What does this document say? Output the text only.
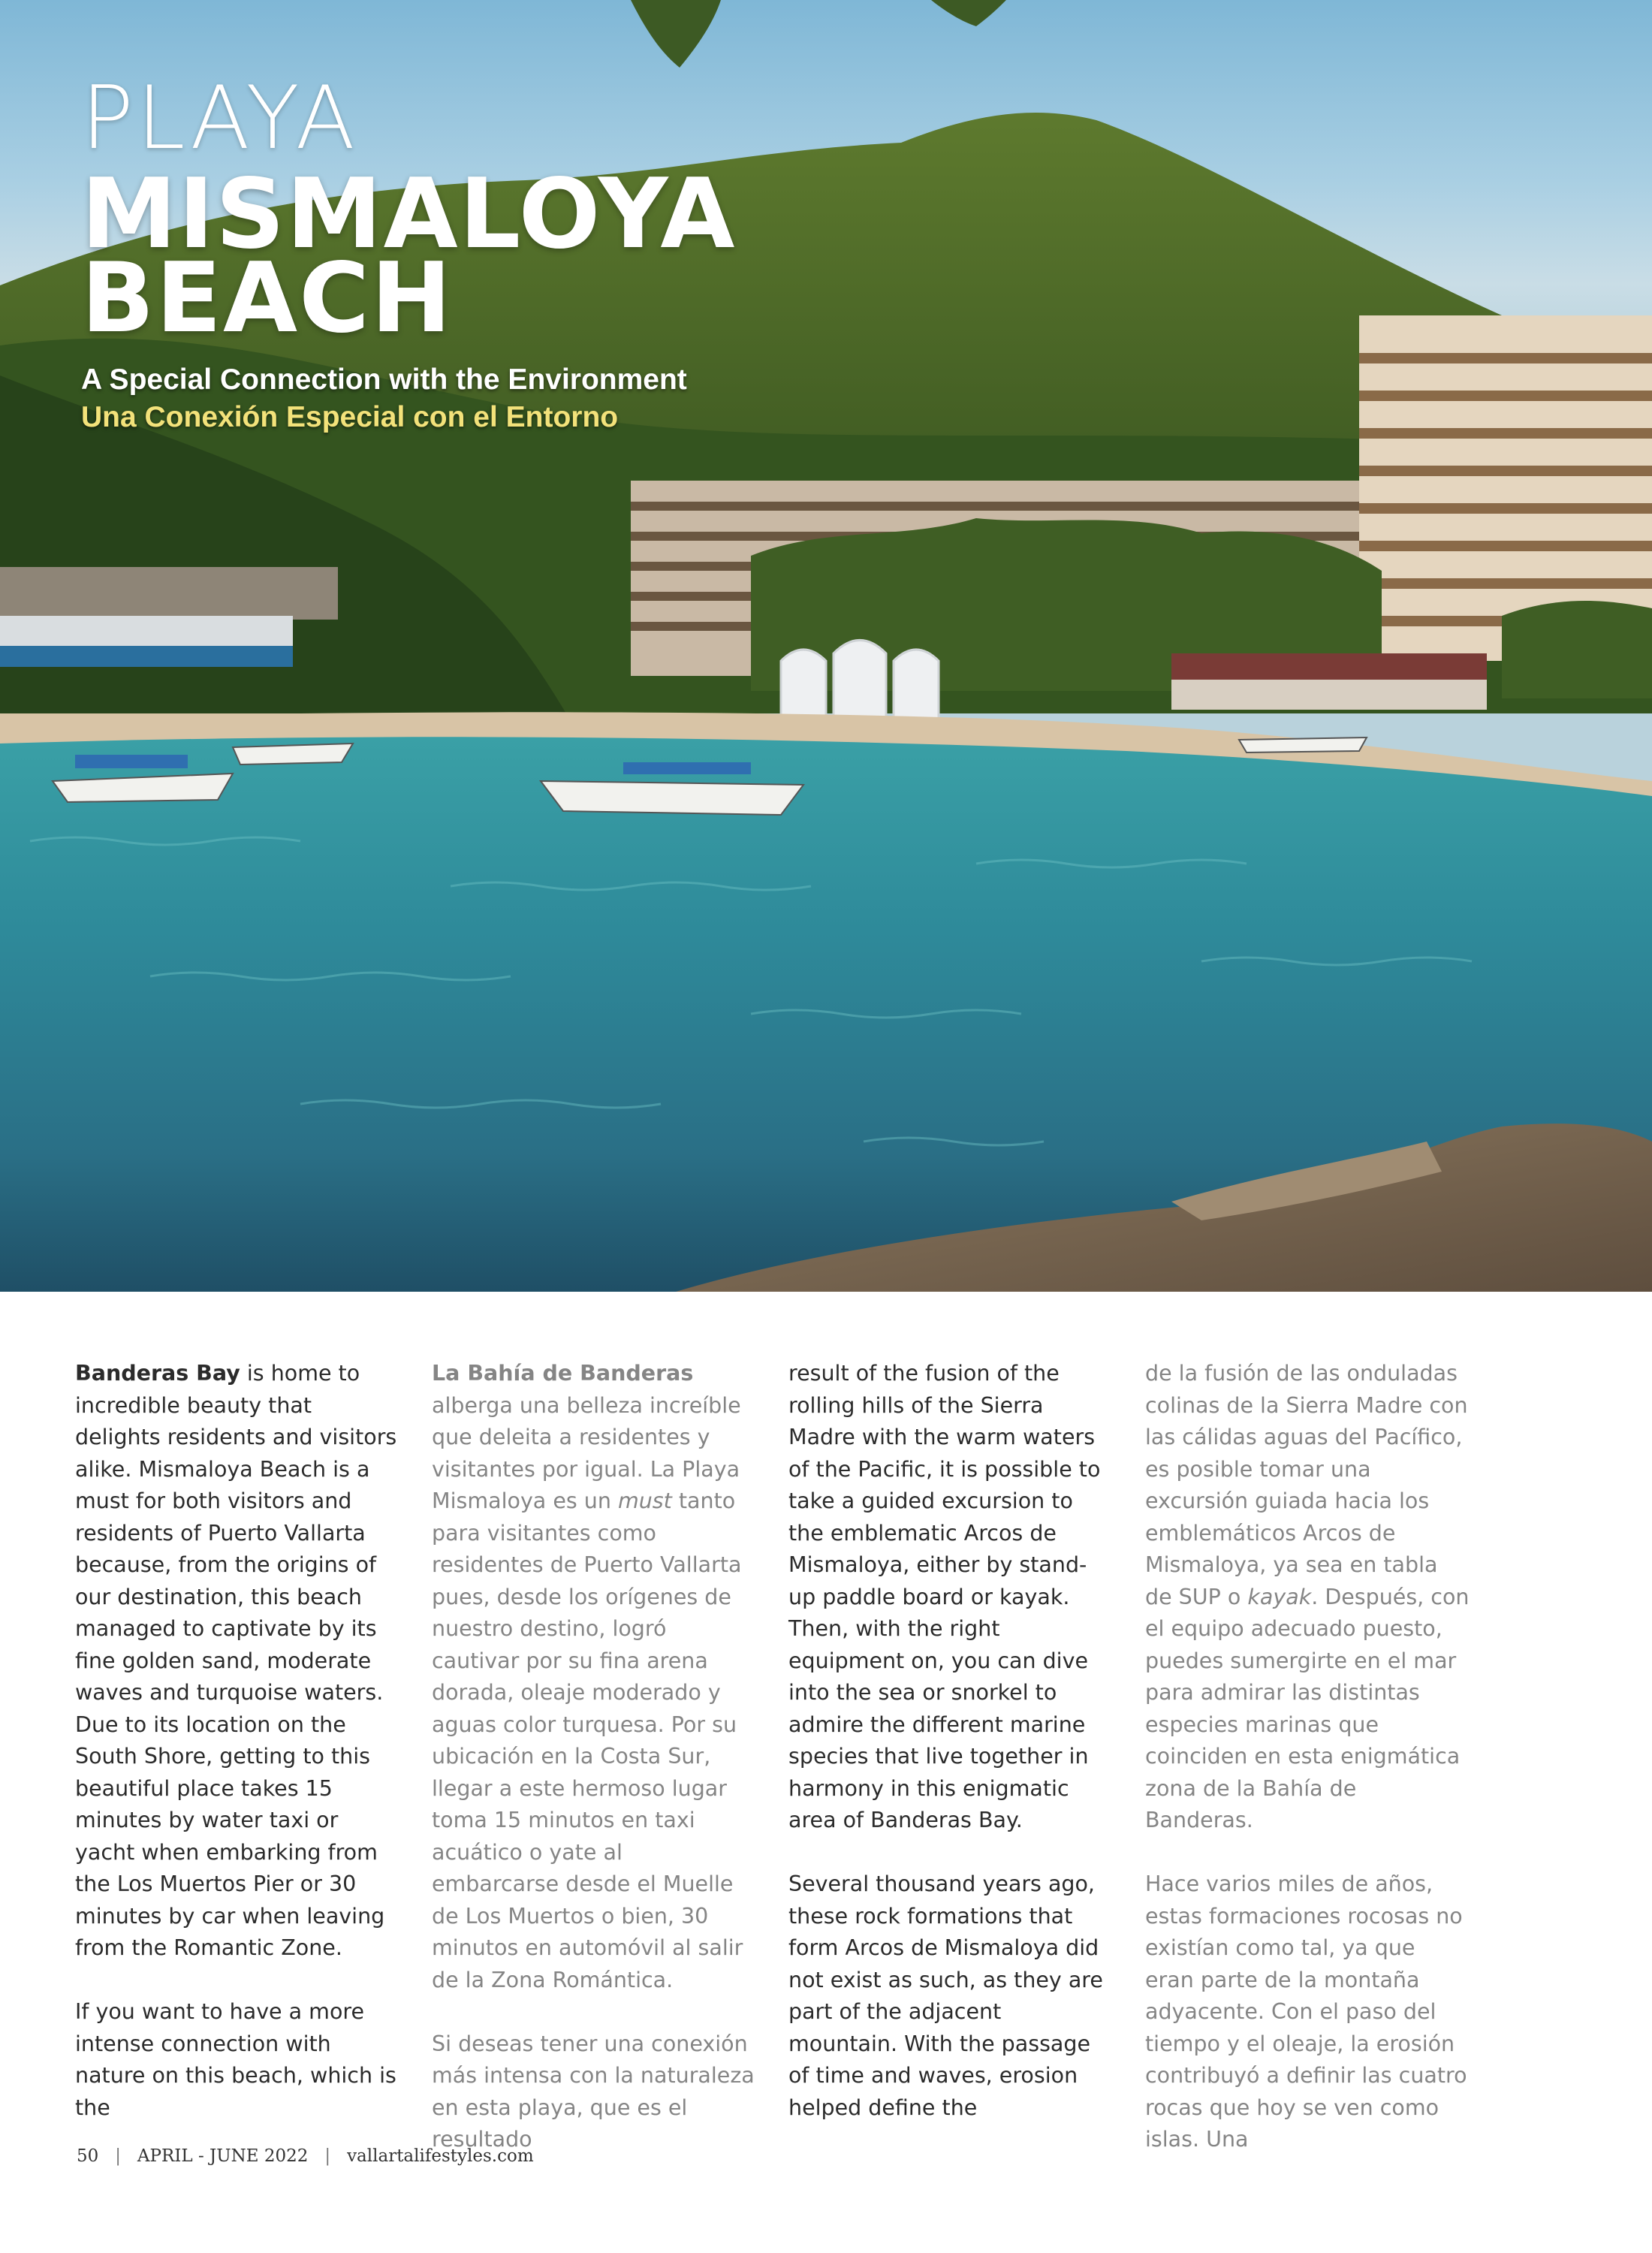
PLAYA
MISMALOYA
BEACH
A Special Connection with the Environment
Una Conexión Especial con el Entorno

Banderas Bay is home to incredible beauty that delights residents and visitors alike. Mismaloya Beach is a must for both visitors and residents of Puerto Vallarta because, from the origins of our destination, this beach managed to captivate by its fine golden sand, moderate waves and turquoise waters. Due to its location on the South Shore, getting to this beautiful place takes 15 minutes by water taxi or yacht when embarking from the Los Muertos Pier or 30 minutes by car when leaving from the Romantic Zone.

If you want to have a more intense connection with nature on this beach, which is the

La Bahía de Banderas alberga una belleza increíble que deleita a residentes y visitantes por igual. La Playa Mismaloya es un must tanto para visitantes como residentes de Puerto Vallarta pues, desde los orígenes de nuestro destino, logró cautivar por su fina arena dorada, oleaje moderado y aguas color turquesa. Por su ubicación en la Costa Sur, llegar a este hermoso lugar toma 15 minutos en taxi acuático o yate al embarcarse desde el Muelle de Los Muertos o bien, 30 minutos en automóvil al salir de la Zona Romántica.

Si deseas tener una conexión más intensa con la naturaleza en esta playa, que es el resultado

result of the fusion of the rolling hills of the Sierra Madre with the warm waters of the Pacific, it is possible to take a guided excursion to the emblematic Arcos de Mismaloya, either by stand-up paddle board or kayak. Then, with the right equipment on, you can dive into the sea or snorkel to admire the different marine species that live together in harmony in this enigmatic area of Banderas Bay.

Several thousand years ago, these rock formations that form Arcos de Mismaloya did not exist as such, as they are part of the adjacent mountain. With the passage of time and waves, erosion helped define the

de la fusión de las onduladas colinas de la Sierra Madre con las cálidas aguas del Pacífico, es posible tomar una excursión guiada hacia los emblemáticos Arcos de Mismaloya, ya sea en tabla de SUP o kayak. Después, con el equipo adecuado puesto, puedes sumergirte en el mar para admirar las distintas especies marinas que coinciden en esta enigmática zona de la Bahía de Banderas.

Hace varios miles de años, estas formaciones rocosas no existían como tal, ya que eran parte de la montaña adyacente. Con el paso del tiempo y el oleaje, la erosión contribuyó a definir las cuatro rocas que hoy se ven como islas. Una

50 | APRIL - JUNE 2022 | vallartalifestyles.com
